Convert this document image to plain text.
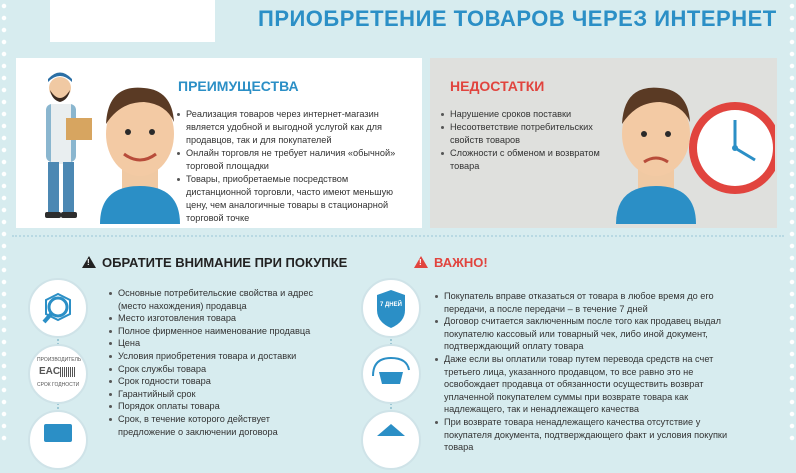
ПРИОБРЕТЕНИЕ ТОВАРОВ ЧЕРЕЗ ИНТЕРНЕТ
ПРЕИМУЩЕСТВА
Реализация товаров через интернет-магазин является удобной и выгодной услугой как для продавцов, так и для покупателей
Онлайн торговля не требует наличия «обычной» торговой площадки
Товары, приобретаемые посредством дистанционной торговли, часто имеют меньшую цену, чем аналогичные товары в стационарной торговой точке
НЕДОСТАТКИ
Нарушение сроков поставки
Несоответствие потребительских свойств товаров
Сложности с обменом и возвратом товара
!
ОБРАТИТЕ ВНИМАНИЕ ПРИ ПОКУПКЕ
ПРОИЗВОДИТЕЛЬ
EAC
СРОК ГОДНОСТИ
Основные потребительские свойства и адрес (место нахождения) продавца
Место изготовления товара
Полное фирменное наименование продавца
Цена
Условия приобретения товара и доставки
Срок службы товара
Срок годности товара
Гарантийный срок
Порядок оплаты товара
Срок, в течение которого действует предложение о заключении договора
!
ВАЖНО!
7 ДНЕЙ
Покупатель вправе отказаться от товара в любое время до его передачи, а после передачи – в течение 7 дней
Договор считается заключенным после того как продавец выдал покупателю кассовый или товарный чек, либо иной документ, подтверждающий оплату товара
Даже если вы оплатили товар путем перевода средств на счет третьего лица, указанного продавцом, то все равно это не освобождает продавца от обязанности осуществить возврат уплаченной покупателем суммы при возврате товара как надлежащего, так и ненадлежащего качества
При возврате товара ненадлежащего качества отсутствие у покупателя документа, подтверждающего факт и условия покупки товара
